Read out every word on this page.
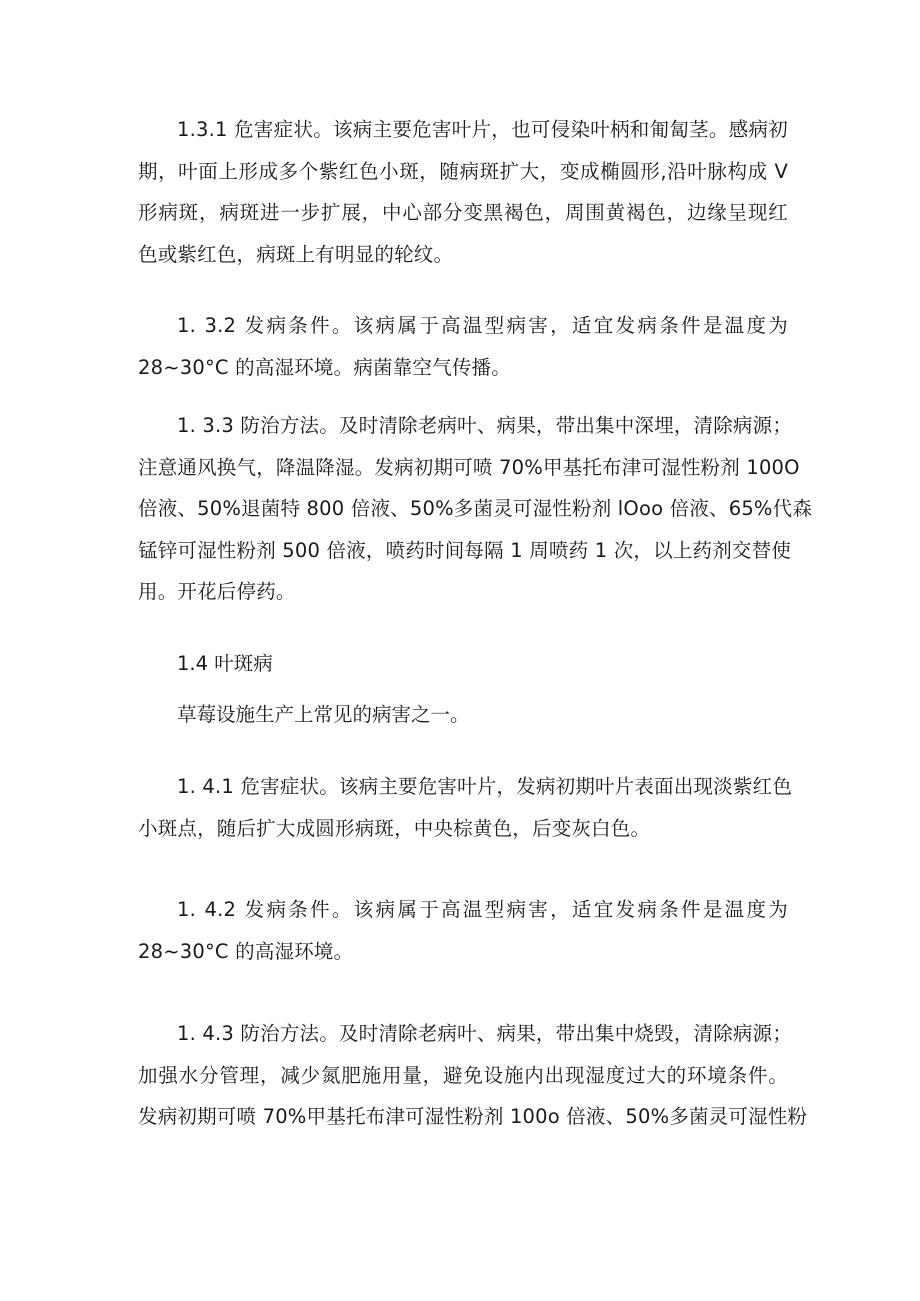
1.3.1 危害症状。该病主要危害叶片，也可侵染叶柄和匍匐茎。感病初
期，叶面上形成多个紫红色小斑，随病斑扩大，变成椭圆形,沿叶脉构成 V
形病斑，病斑进一步扩展，中心部分变黑褐色，周围黄褐色，边缘呈现红
色或紫红色，病斑上有明显的轮纹。
1. 3.2 发病条件。该病属于高温型病害，适宜发病条件是温度为
28~30°C 的高湿环境。病菌靠空气传播。
1. 3.3 防治方法。及时清除老病叶、病果，带出集中深埋，清除病源；
注意通风换气，降温降湿。发病初期可喷 70%甲基托布津可湿性粉剂 100O
倍液、50%退菌特 800 倍液、50%多菌灵可湿性粉剂 lOoo 倍液、65%代森
锰锌可湿性粉剂 500 倍液，喷药时间每隔 1 周喷药 1 次，以上药剂交替使
用。开花后停药。
1.4 叶斑病
草莓设施生产上常见的病害之一。
1. 4.1 危害症状。该病主要危害叶片，发病初期叶片表面出现淡紫红色
小斑点，随后扩大成圆形病斑，中央棕黄色，后变灰白色。
1. 4.2 发病条件。该病属于高温型病害，适宜发病条件是温度为
28~30°C 的高湿环境。
1. 4.3 防治方法。及时清除老病叶、病果，带出集中烧毁，清除病源；
加强水分管理，减少氮肥施用量，避免设施内出现湿度过大的环境条件。
发病初期可喷 70%甲基托布津可湿性粉剂 100o 倍液、50%多菌灵可湿性粉
